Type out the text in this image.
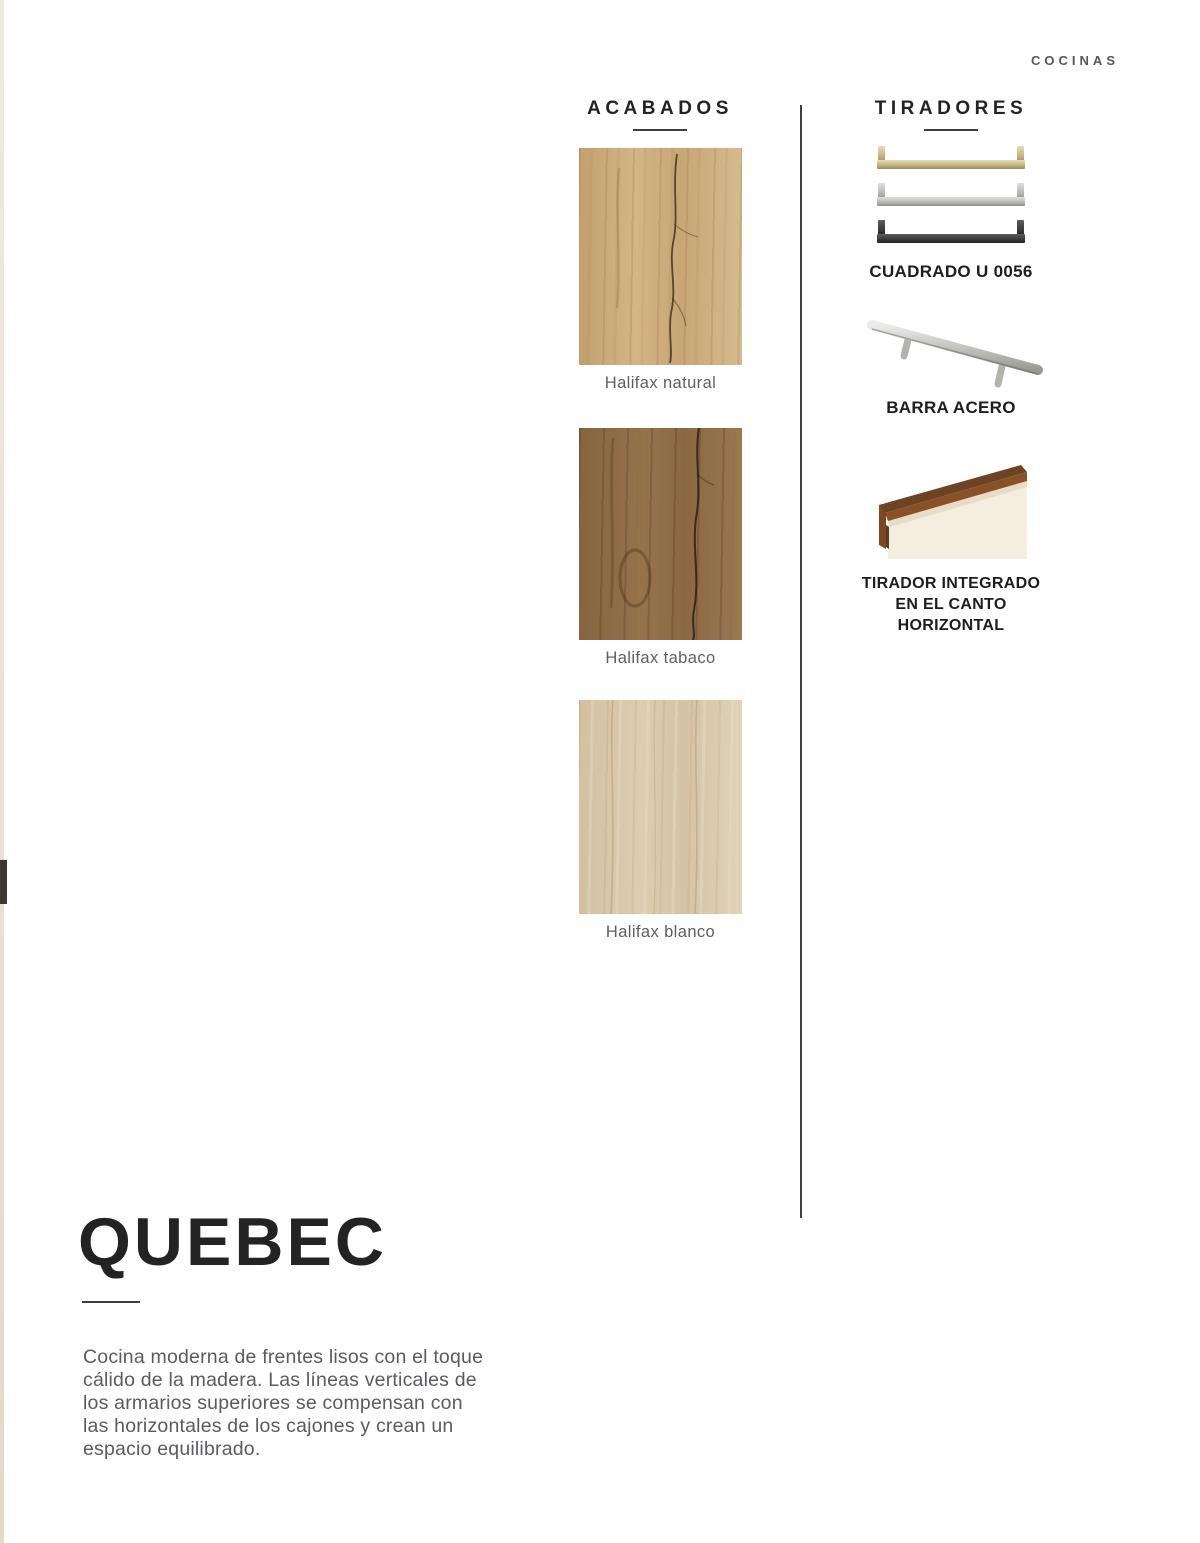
COCINAS
ACABADOS
Halifax natural
Halifax tabaco
Halifax blanco
TIRADORES
CUADRADO U 0056
BARRA ACERO
TIRADOR INTEGRADO
EN EL CANTO
HORIZONTAL
QUEBEC

Cocina moderna de frentes lisos con el toque cálido de la madera. Las líneas verticales de los armarios superiores se compensan con las horizontales de los cajones y crean un espacio equilibrado.
